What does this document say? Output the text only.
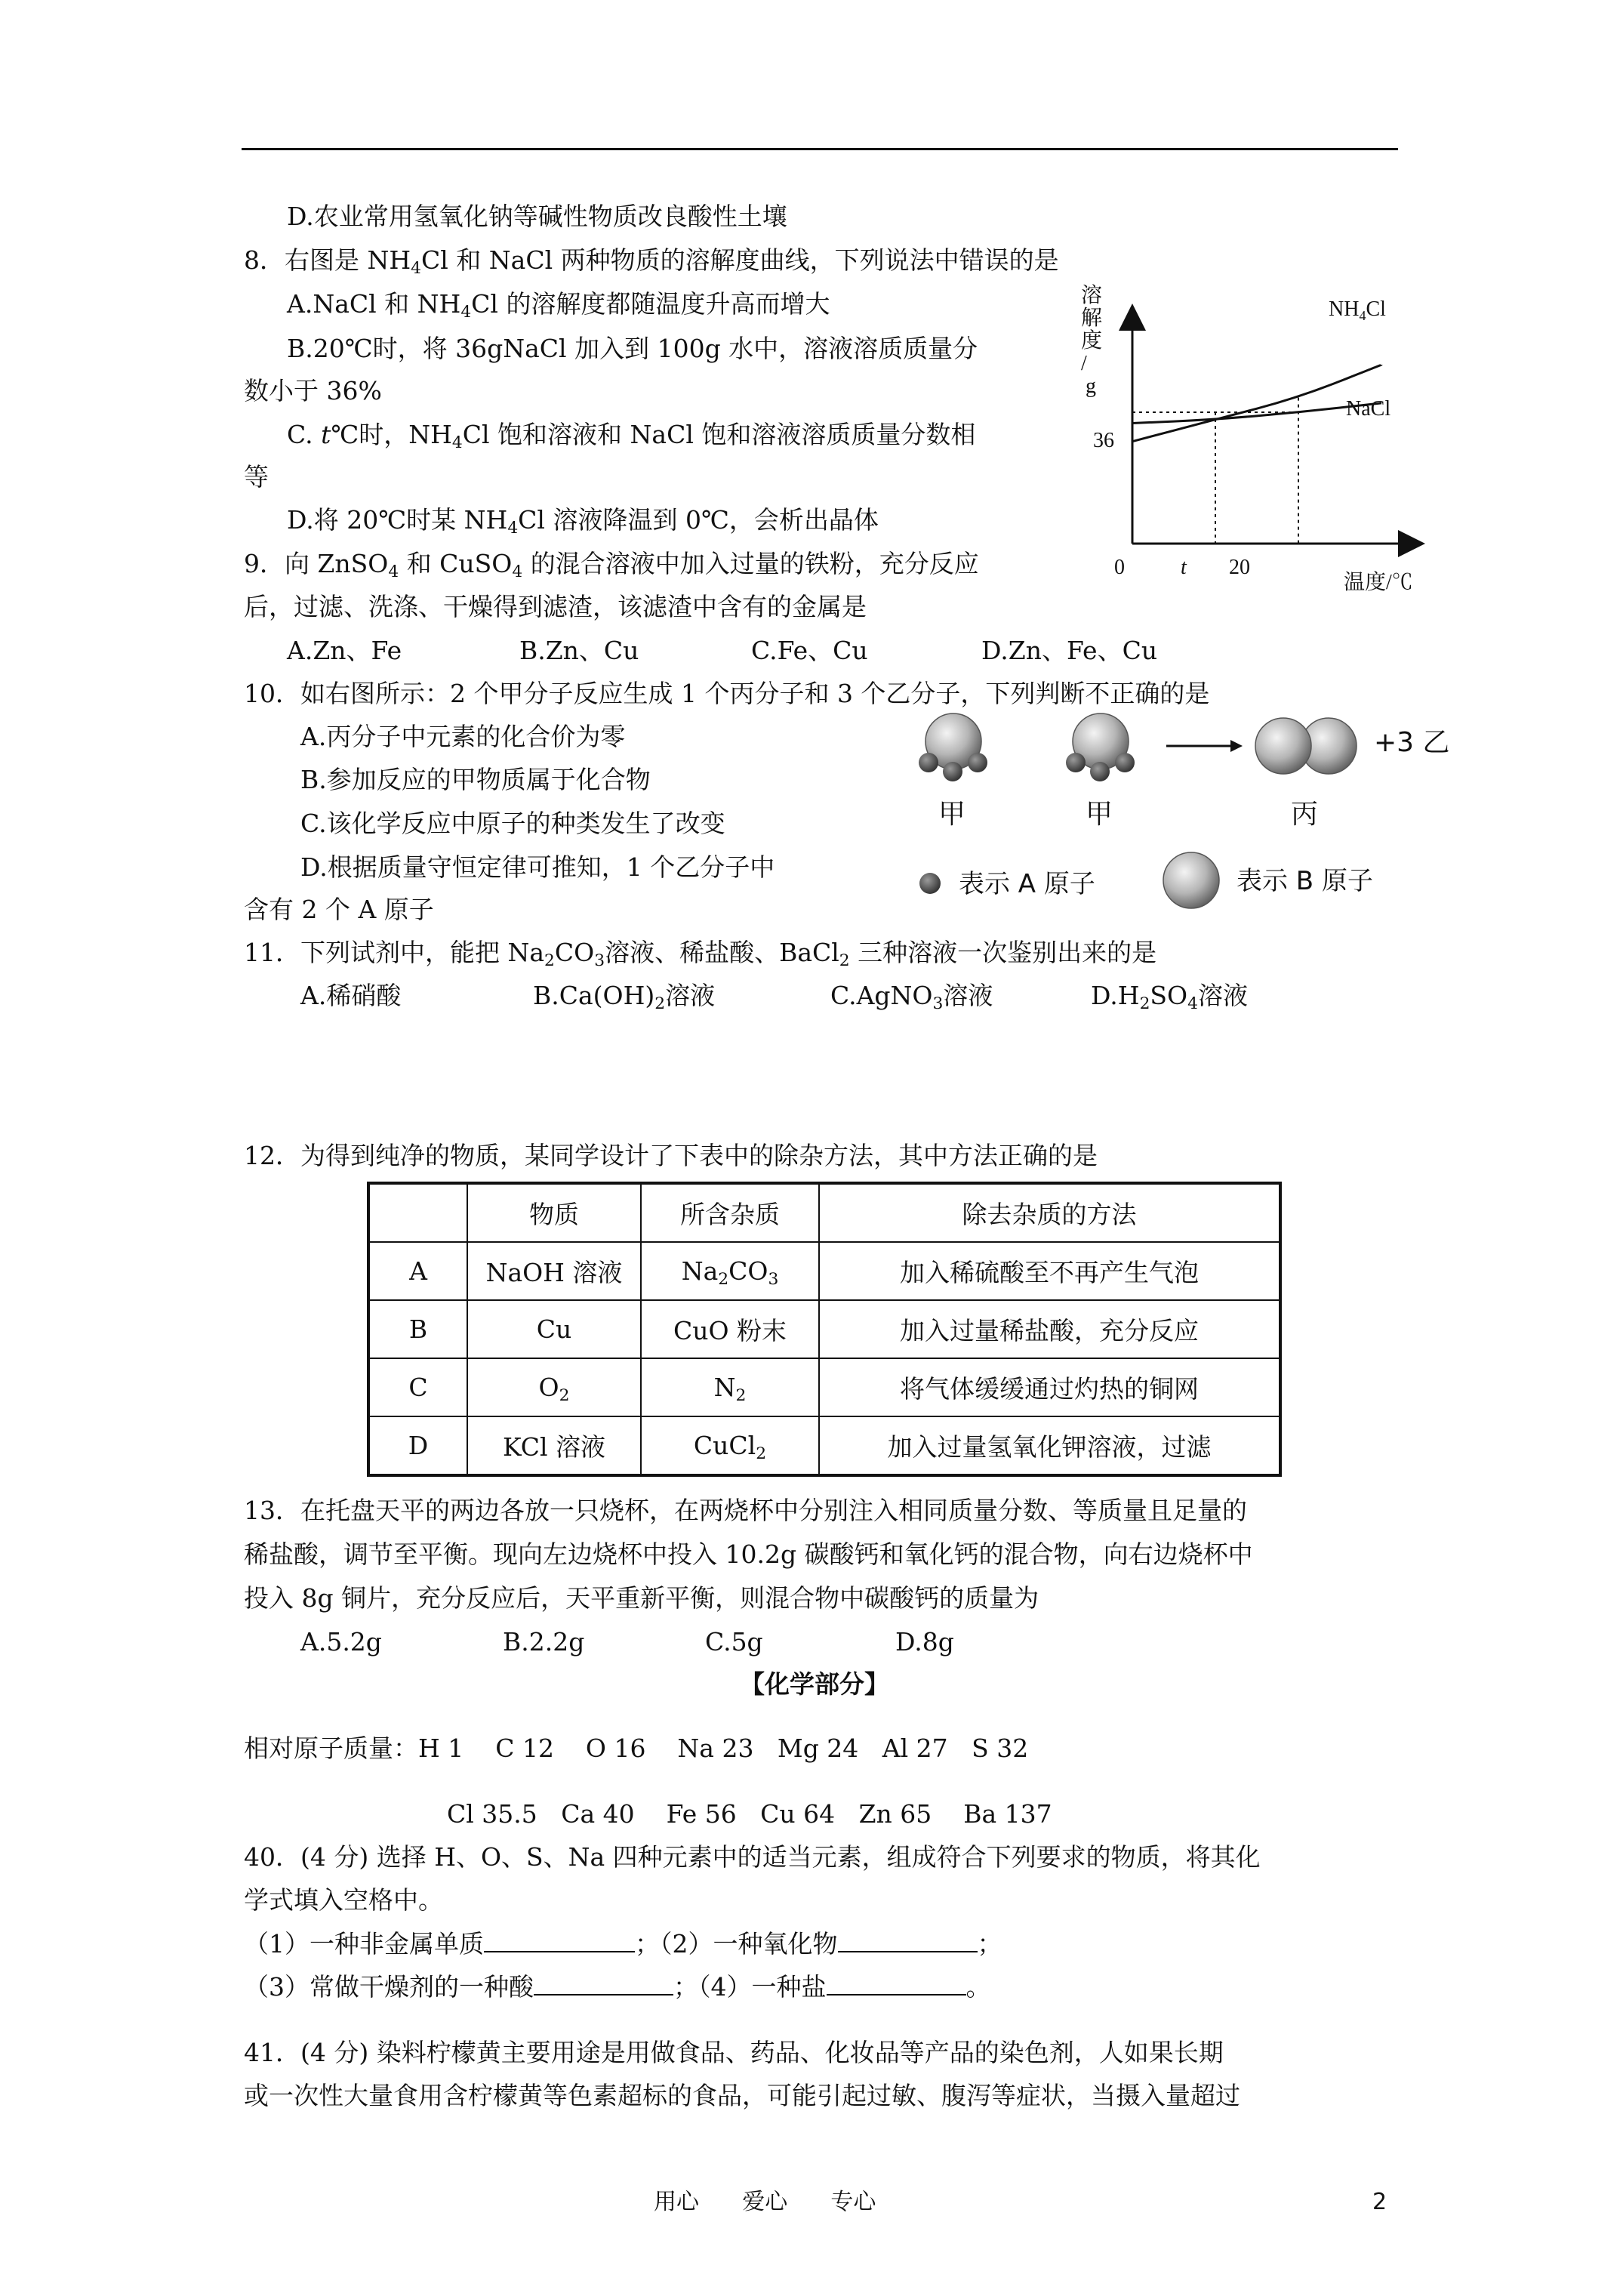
D.农业常用氢氧化钠等碱性物质改良酸性土壤
8．右图是 $NH_4Cl$ 和 NaCl 两种物质的溶解度曲线，下列说法中错误的是
A.NaCl 和 $NH_4Cl$ 的溶解度都随温度升高而增大
B.20℃时，将 36gNaCl 加入到 100g 水中，溶液溶质质量分
数小于 36%
C. t℃时，$NH_4Cl$ 饱和溶液和 NaCl 饱和溶液溶质质量分数相
等
D.将 20℃时某 $NH_4Cl$ 溶液降温到 0℃，会析出晶体
溶
解
度
/
g
温度/℃
0	t 20
36
$NH_4Cl$
NaCl
9．向 ZnSO$_4$ 和 CuSO$_4$ 的混合溶液中加入过量的铁粉，充分反应
后，过滤、洗涤、干燥得到滤渣，该滤渣中含有的金属是
A.Zn、Fe	B.Zn、Cu	C.Fe、Cu	D.Zn、Fe、Cu
10．如右图所示：2 个甲分子反应生成 1 个丙分子和 3 个乙分子，下列判断不正确的是
A.丙分子中元素的化合价为零
B.参加反应的甲物质属于化合物
C.该化学反应中原子的种类发生了改变
D.根据质量守恒定律可推知，1 个乙分子中
含有 2 个 A 原子
+3 乙
甲	甲	丙
表示 A 原子	表示 B 原子
11．下列试剂中，能把 $Na_2CO_3$溶液、稀盐酸、BaCl$_2$ 三种溶液一次鉴别出来的是
A.稀硝酸	$B.Ca(OH)_2$溶液	C.AgNO$_3$溶液	$D.H_2SO_4$溶液
12．为得到纯净的物质，某同学设计了下表中的除杂方法，其中方法正确的是
	物质	所含杂质	除去杂质的方法
A	NaOH 溶液	$Na_2CO_3$	加入稀硫酸至不再产生气泡
B	Cu	CuO 粉末	加入过量稀盐酸，充分反应
C	$O_2$	$N_2$	将气体缓缓通过灼热的铜网
D	KCl 溶液	CuCl$_2$	加入过量氢氧化钾溶液，过滤
13．在托盘天平的两边各放一只烧杯，在两烧杯中分别注入相同质量分数、等质量且足量的
稀盐酸，调节至平衡。现向左边烧杯中投入 10.2g 碳酸钙和氧化钙的混合物，向右边烧杯中
投入 8g 铜片，充分反应后，天平重新平衡，则混合物中碳酸钙的质量为
A.5.2g	B.2.2g	C.5g	D.8g
【化学部分】
相对原子质量：H 1    C 12    O 16    Na 23   Mg 24   Al 27   S 32
Cl 35.5   Ca 40    Fe 56   Cu 64   Zn 65    Ba 137
40．(4 分) 选择 H、O、S、Na 四种元素中的适当元素，组成符合下列要求的物质，将其化
学式填入空格中。
（1）一种非金属单质	；（2）一种氧化物	；
（3）常做干燥剂的一种酸	；（4）一种盐	。
41．(4 分) 染料柠檬黄主要用途是用做食品、药品、化妆品等产品的染色剂，人如果长期
或一次性大量食用含柠檬黄等色素超标的食品，可能引起过敏、腹泻等症状，当摄入量超过
用心      爱心      专心	2
